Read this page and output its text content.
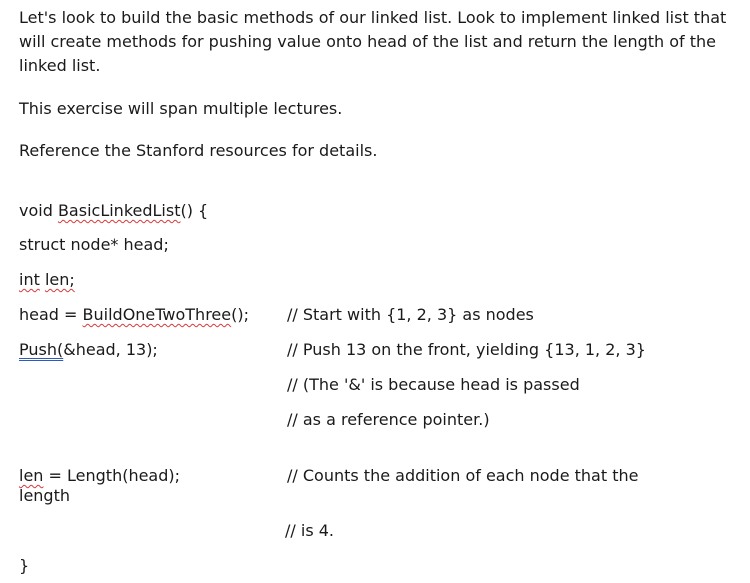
Let's look to build the basic methods of our linked list. Look to implement linked list that will create methods for pushing value onto head of the list and return the length of the linked list.

This exercise will span multiple lectures.

Reference the Stanford resources for details.

void BasicLinkedList() {
struct node* head;
int len;
head = BuildOneTwoThree(); // Start with {1, 2, 3} as nodes
Push(&head, 13);	// Push 13 on the front, yielding {13, 1, 2, 3}
// (The '&' is because head is passed
// as a reference pointer.)
len = Length(head);
length
// Counts the addition of each node that the
// is 4.
}
